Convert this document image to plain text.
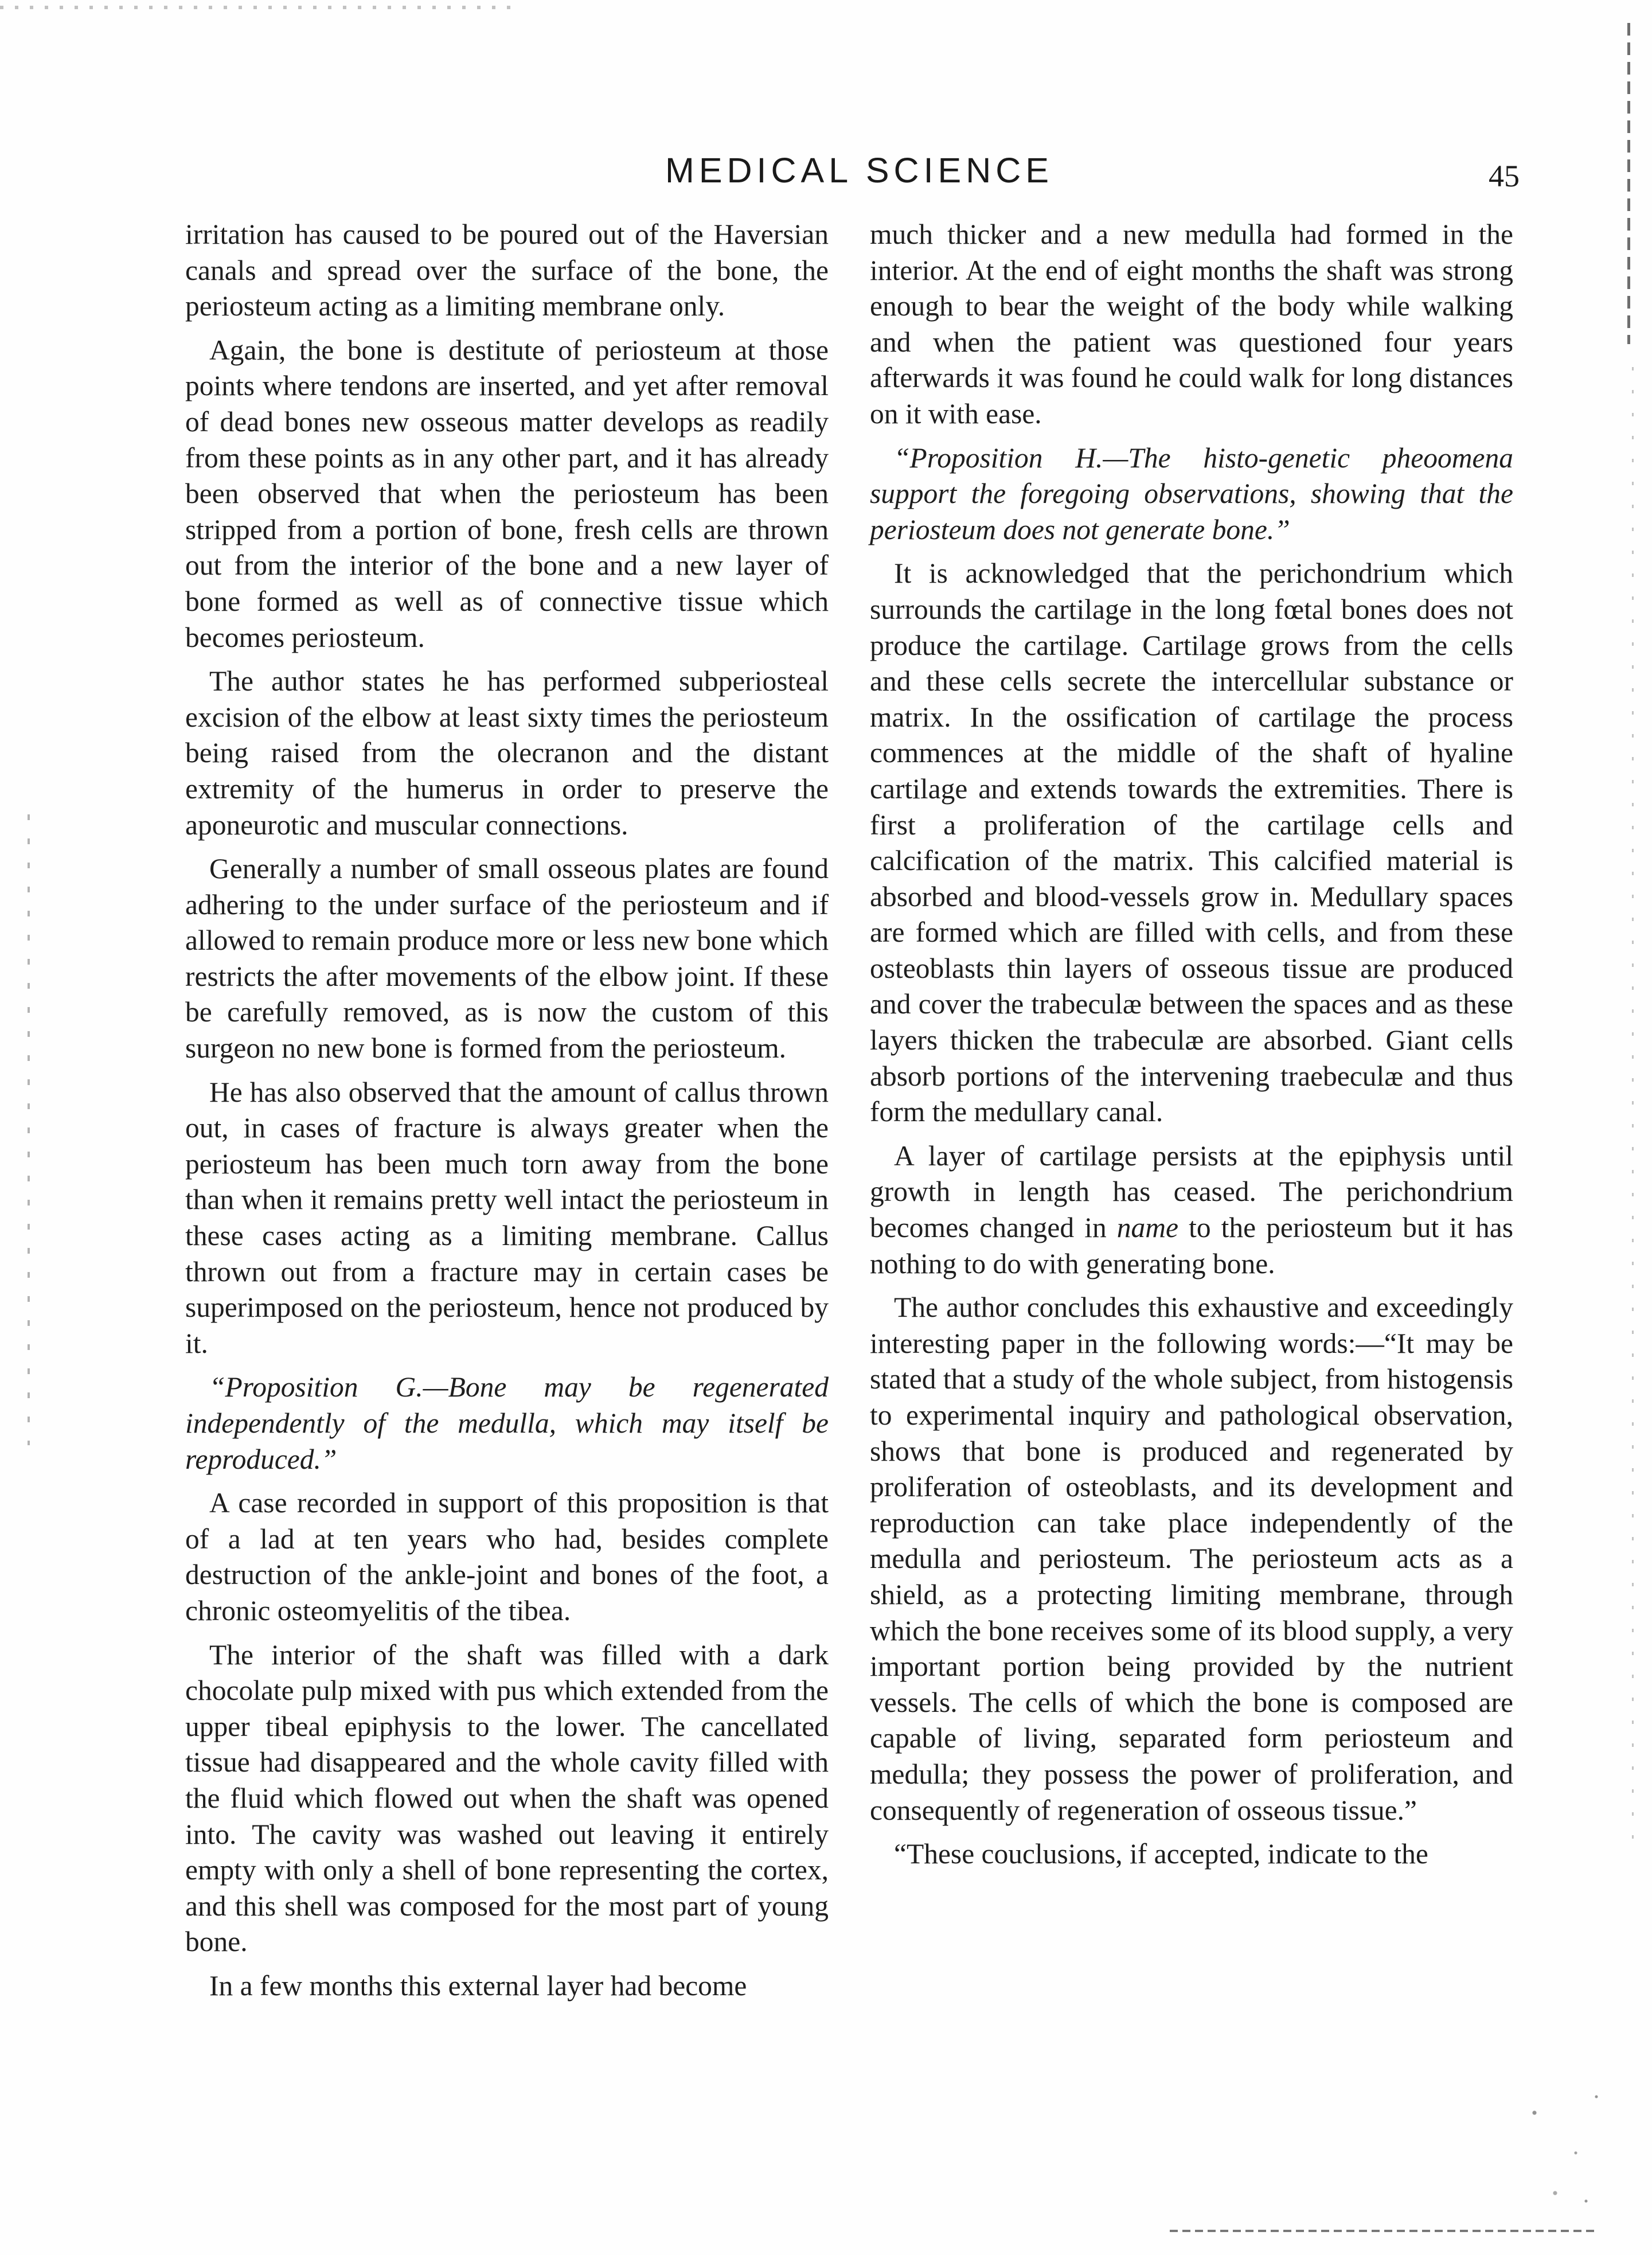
MEDICAL SCIENCE	45

irritation has caused to be poured out of the Haversian canals and spread over the surface of the bone, the periosteum acting as a limiting membrane only.

Again, the bone is destitute of periosteum at those points where tendons are inserted, and yet after removal of dead bones new osseous matter develops as readily from these points as in any other part, and it has already been observed that when the periosteum has been stripped from a portion of bone, fresh cells are thrown out from the interior of the bone and a new layer of bone formed as well as of connective tissue which becomes periosteum.

The author states he has performed subperiosteal excision of the elbow at least sixty times the periosteum being raised from the olecranon and the distant extremity of the humerus in order to preserve the aponeurotic and muscular connections.

Generally a number of small osseous plates are found adhering to the under surface of the periosteum and if allowed to remain produce more or less new bone which restricts the after movements of the elbow joint. If these be carefully removed, as is now the custom of this surgeon no new bone is formed from the periosteum.

He has also observed that the amount of callus thrown out, in cases of fracture is always greater when the periosteum has been much torn away from the bone than when it remains pretty well intact the periosteum in these cases acting as a limiting membrane. Callus thrown out from a fracture may in certain cases be superimposed on the periosteum, hence not produced by it.

“Proposition G.—Bone may be regenerated independently of the medulla, which may itself be reproduced.”

A case recorded in support of this proposition is that of a lad at ten years who had, besides complete destruction of the ankle-joint and bones of the foot, a chronic osteomyelitis of the tibea.

The interior of the shaft was filled with a dark chocolate pulp mixed with pus which extended from the upper tibeal epiphysis to the lower. The cancellated tissue had disappeared and the whole cavity filled with the fluid which flowed out when the shaft was opened into. The cavity was washed out leaving it entirely empty with only a shell of bone representing the cortex, and this shell was composed for the most part of young bone.

In a few months this external layer had become

much thicker and a new medulla had formed in the interior. At the end of eight months the shaft was strong enough to bear the weight of the body while walking and when the patient was questioned four years afterwards it was found he could walk for long distances on it with ease.

“Proposition H.—The histo-genetic pheoomena support the foregoing observations, showing that the periosteum does not generate bone.”

It is acknowledged that the perichondrium which surrounds the cartilage in the long fœtal bones does not produce the cartilage. Cartilage grows from the cells and these cells secrete the intercellular substance or matrix. In the ossification of cartilage the process commences at the middle of the shaft of hyaline cartilage and extends towards the extremities. There is first a proliferation of the cartilage cells and calcification of the matrix. This calcified material is absorbed and blood-vessels grow in. Medullary spaces are formed which are filled with cells, and from these osteoblasts thin layers of osseous tissue are produced and cover the trabeculæ between the spaces and as these layers thicken the trabeculæ are absorbed. Giant cells absorb portions of the intervening traebeculæ and thus form the medullary canal.

A layer of cartilage persists at the epiphysis until growth in length has ceased. The perichondrium becomes changed in name to the periosteum but it has nothing to do with generating bone.

The author concludes this exhaustive and exceedingly interesting paper in the following words:—“It may be stated that a study of the whole subject, from histogensis to experimental inquiry and pathological observation, shows that bone is produced and regenerated by proliferation of osteoblasts, and its development and reproduction can take place independently of the medulla and periosteum. The periosteum acts as a shield, as a protecting limiting membrane, through which the bone receives some of its blood supply, a very important portion being provided by the nutrient vessels. The cells of which the bone is composed are capable of living, separated form periosteum and medulla; they possess the power of proliferation, and consequently of regeneration of osseous tissue.”

“These couclusions, if accepted, indicate to the
